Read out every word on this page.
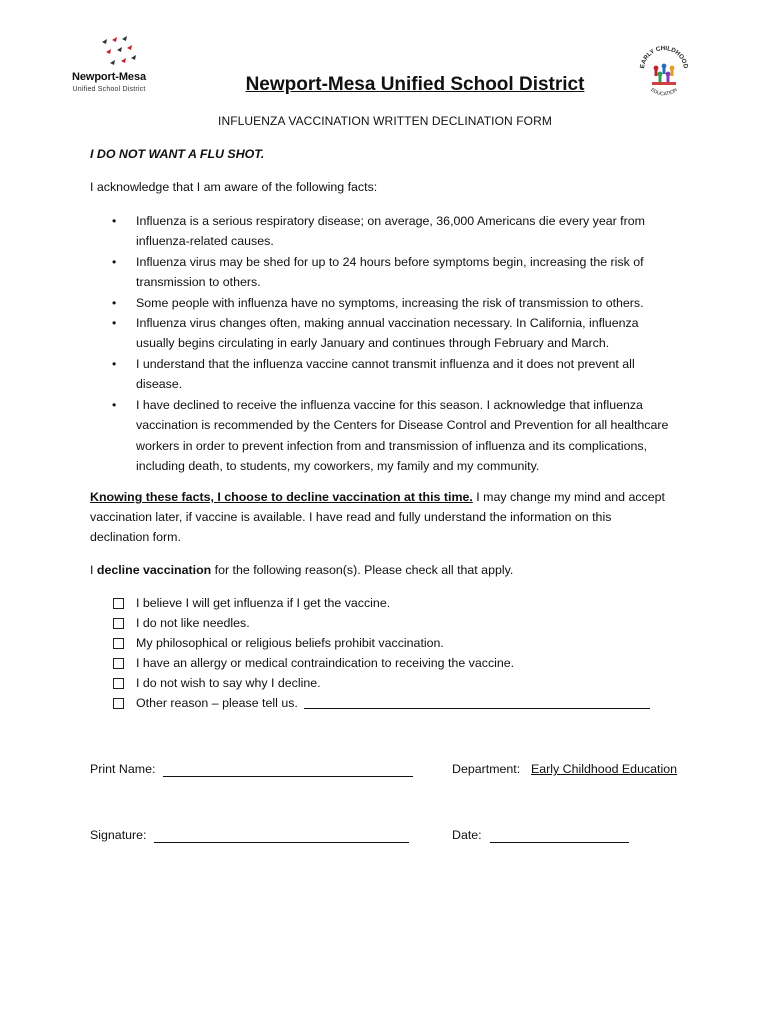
Newport-Mesa
Unified School District
EARLY CHILDHOOD
EDUCATION
Newport-Mesa Unified School District
INFLUENZA VACCINATION WRITTEN DECLINATION FORM
I DO NOT WANT A FLU SHOT.
I acknowledge that I am aware of the following facts:
• Influenza is a serious respiratory disease; on average, 36,000 Americans die every year from influenza-related causes.
• Influenza virus may be shed for up to 24 hours before symptoms begin, increasing the risk of transmission to others.
• Some people with influenza have no symptoms, increasing the risk of transmission to others.
• Influenza virus changes often, making annual vaccination necessary. In California, influenza usually begins circulating in early January and continues through February and March.
• I understand that the influenza vaccine cannot transmit influenza and it does not prevent all disease.
• I have declined to receive the influenza vaccine for this season. I acknowledge that influenza vaccination is recommended by the Centers for Disease Control and Prevention for all healthcare workers in order to prevent infection from and transmission of influenza and its complications, including death, to students, my coworkers, my family and my community.
Knowing these facts, I choose to decline vaccination at this time. I may change my mind and accept
vaccination later, if vaccine is available. I have read and fully understand the information on this
declination form.
I decline vaccination for the following reason(s). Please check all that apply.
I believe I will get influenza if I get the vaccine.
I do not like needles.
My philosophical or religious beliefs prohibit vaccination.
I have an allergy or medical contraindication to receiving the vaccine.
I do not wish to say why I decline.
Other reason – please tell us.
Print Name:	Department: Early Childhood Education
Signature:	Date:
